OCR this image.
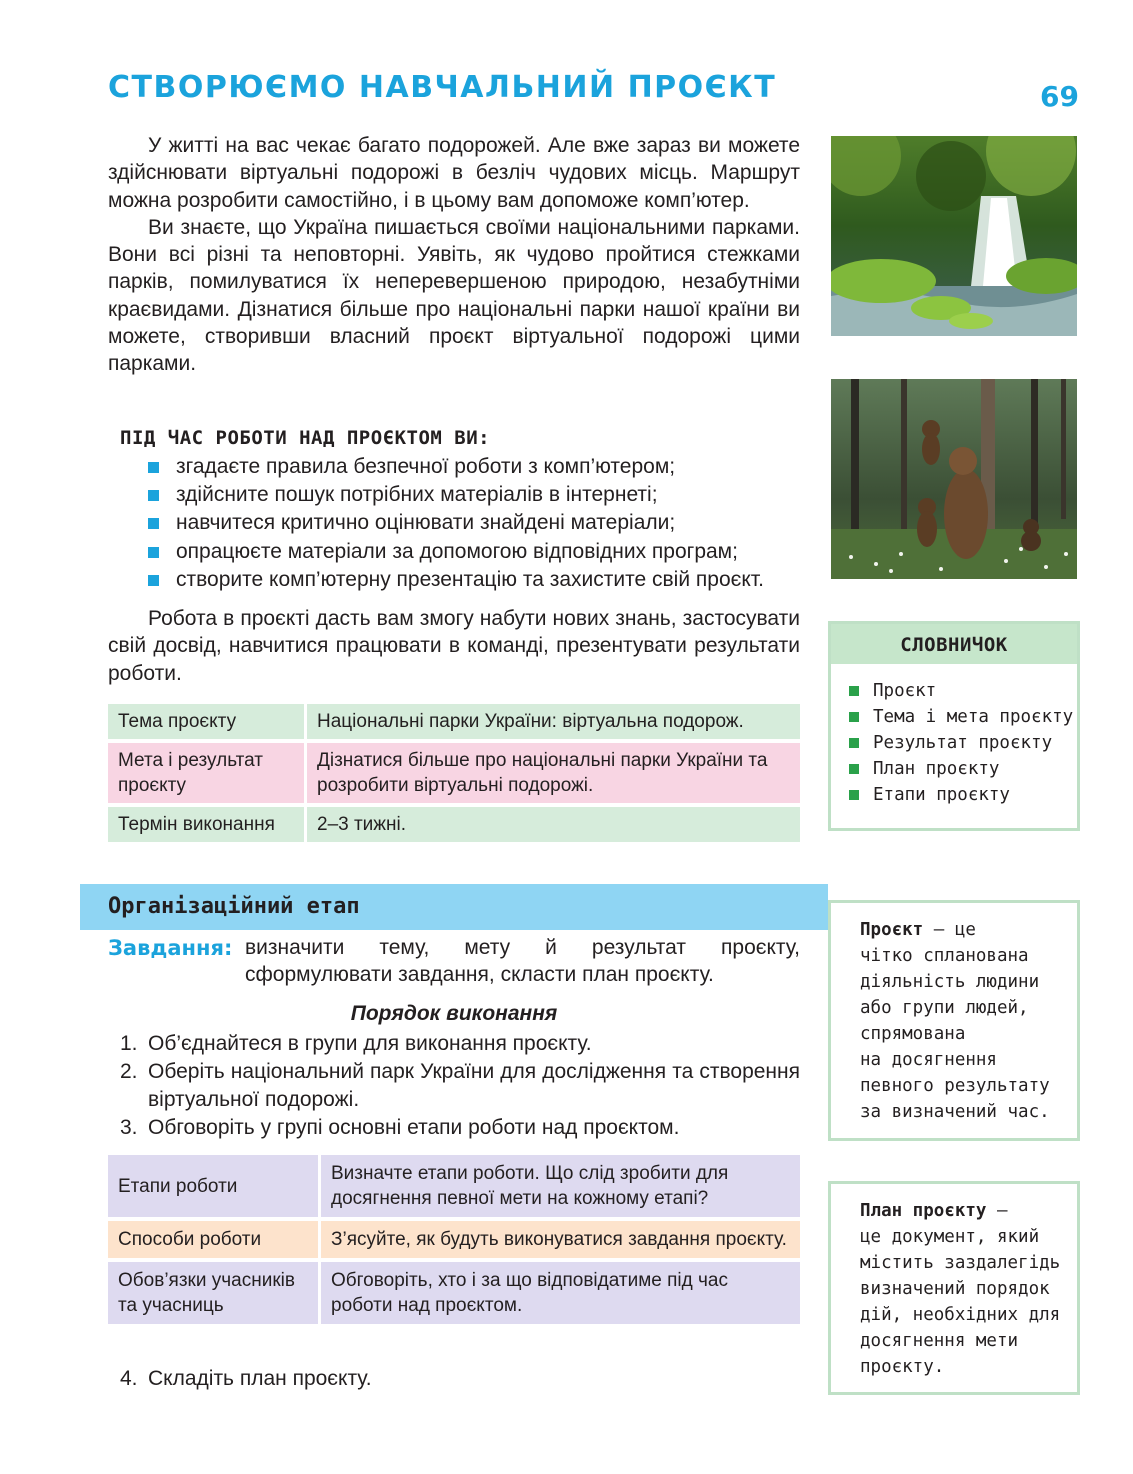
СТВОРЮЄМО НАВЧАЛЬНИЙ ПРОЄКТ	69

У житті на вас чекає багато подорожей. Але вже зараз ви можете здійснювати віртуальні подорожі в безліч чудових місць. Маршрут можна розробити самостійно, і в цьому вам допоможе комп’ютер.

Ви знаєте, що Україна пишається своїми національними парками. Вони всі різні та неповторні. Уявіть, як чудово пройтися стежками парків, помилуватися їх неперевершеною природою, незабутніми краєвидами. Дізнатися більше про національні парки нашої країни ви можете, створивши власний проєкт віртуальної подорожі цими парками.

ПІД ЧАС РОБОТИ НАД ПРОЄКТОМ ВИ:
згадаєте правила безпечної роботи з комп’ютером;
здійсните пошук потрібних матеріалів в інтернеті;
навчитеся критично оцінювати знайдені матеріали;
опрацюєте матеріали за допомогою відповідних програм;
створите комп’ютерну презентацію та захистите свій проєкт.

Робота в проєкті дасть вам змогу набути нових знань, застосувати свій досвід, навчитися працювати в команді, презентувати результати роботи.

Тема проєкту	Національні парки України: віртуальна подорож.
Мета і результат проєкту	Дізнатися більше про національні парки України та розробити віртуальні подорожі.
Термін виконання	2–3 тижні.
СЛОВНИЧОК
Проєкт
Тема і мета проєкту
Результат проєкту
План проєкту
Етапи проєкту
Організаційний етап
Проєкт — це
чітко спланована
діяльність людини
або групи людей,
спрямована
на досягнення
певного результату
за визначений час.
План проєкту —
це документ, який
містить заздалегідь
визначений порядок
дій, необхідних для
досягнення мети
проєкту.
Завдання: визначити тему, мету й результат проєкту, сформулювати завдання, скласти план проєкту.
Порядок виконання
1. Об’єднайтеся в групи для виконання проєкту.
2. Оберіть національний парк України для дослідження та створення віртуальної подорожі.
3. Обговоріть у групі основні етапи роботи над проєктом.
Етапи роботи	Визначте етапи роботи. Що слід зробити для досягнення певної мети на кожному етапі?
Способи роботи	З’ясуйте, як будуть виконуватися завдання проєкту.
Обов’язки учасників та учасниць	Обговоріть, хто і за що відповідатиме під час роботи над проєктом.
4. Складіть план проєкту.
